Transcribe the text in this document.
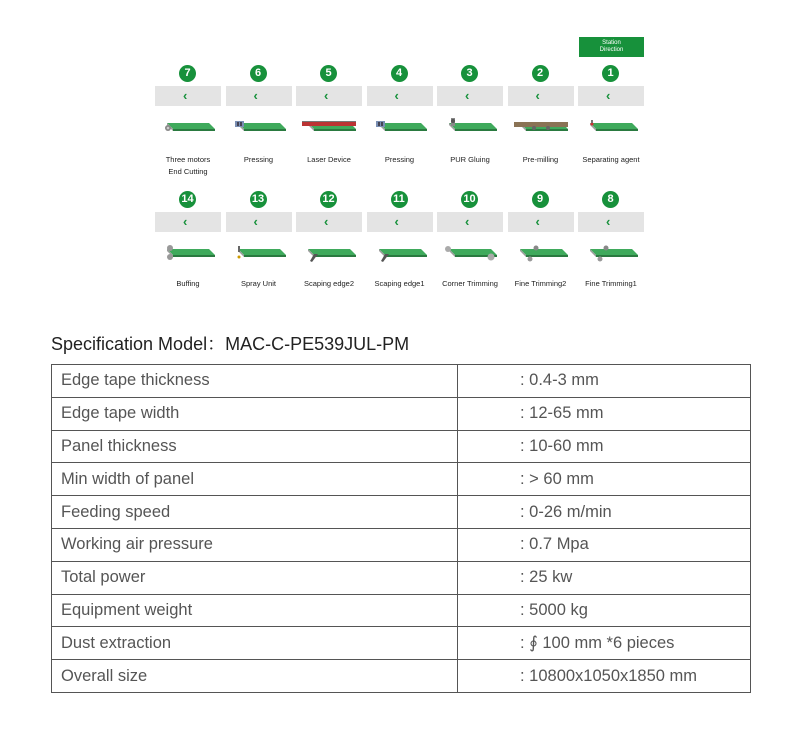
Station
Direction
7
‹
Three motors
End Cutting
6
‹
Pressing

5
‹
Laser Device

4
‹
Pressing

3
‹
PUR Gluing

2
‹
Pre-milling

1
‹
Separating agent

14
‹
Buffing
13
‹
Spray Unit
12
‹
Scaping edge2
11
‹
Scaping edge1
10
‹
Corner Trimming
9
‹
Fine Trimming2
8
‹
Fine Trimming1
Specification Model：MAC-C-PE539JUL-PM
Edge tape thickness	: 0.4-3 mm
Edge tape width	: 12-65 mm
Panel thickness	: 10-60 mm
Min width of panel	: > 60 mm
Feeding speed	: 0-26 m/min
Working air pressure	: 0.7 Mpa
Total power	: 25 kw
Equipment weight	: 5000 kg
Dust extraction	: ∮ 100 mm *6 pieces
Overall size	: 10800x1050x1850 mm
